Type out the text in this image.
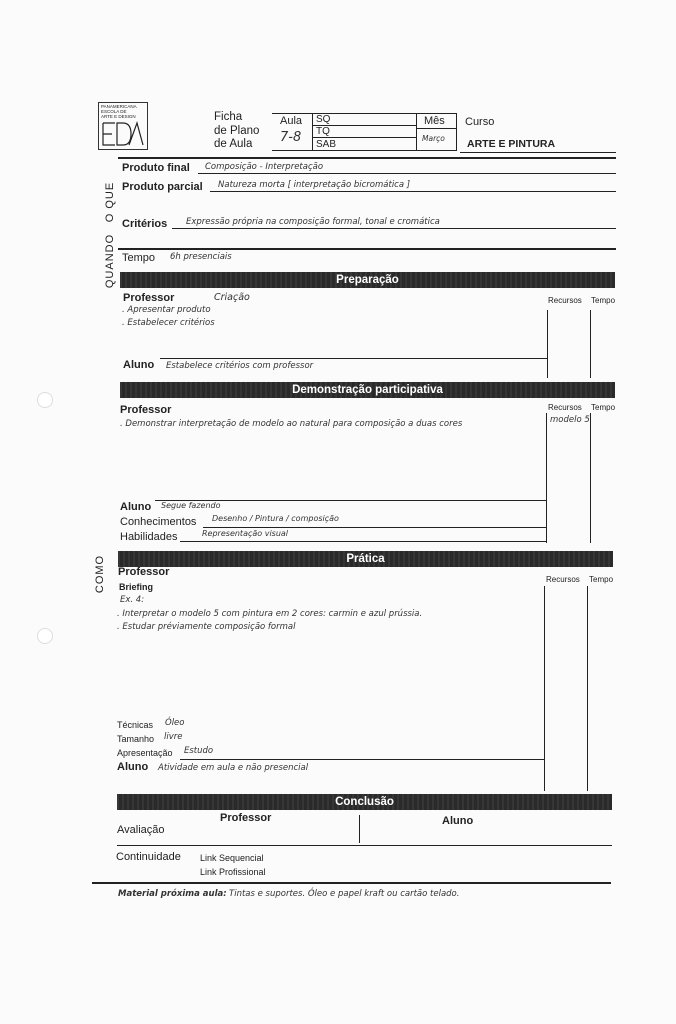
PANAMERICANA
ESCOLA DE
ARTE E DESIGN	Ficha
de Plano
de Aula
Aula
7-8
SQ
TQ
SAB
Mês
Março
Curso
ARTE E PINTURA
QUANDO
O QUE
COMO
Produto final Composição - Interpretação
Produto parcial Natureza morta [ interpretação bicromática ]
Critérios Expressão própria na composição formal, tonal e cromática
Tempo 6h presenciais
Preparação
Professor	Criação	Recursos Tempo
. Apresentar produto
. Estabelecer critérios
Aluno Estabelece critérios com professor
Demonstração participativa
Professor	Recursos Tempo
. Demonstrar interpretação de modelo ao natural para composição a duas cores	modelo 5
Aluno Segue fazendo
Conhecimentos Desenho / Pintura / composição
Habilidades	Representação visual
Prática
Professor
Recursos Tempo
Briefing
Ex. 4:
. Interpretar o modelo 5 com pintura em 2 cores: carmin e azul prússia.
. Estudar préviamente composição formal
Técnicas Óleo
Tamanho livre
Apresentação Estudo
Aluno Atividade em aula e não presencial
Conclusão
Professor	Aluno
Avaliação
Continuidade Link Sequencial
Link Profissional
Material próxima aula: Tintas e suportes. Óleo e papel kraft ou cartão telado.
